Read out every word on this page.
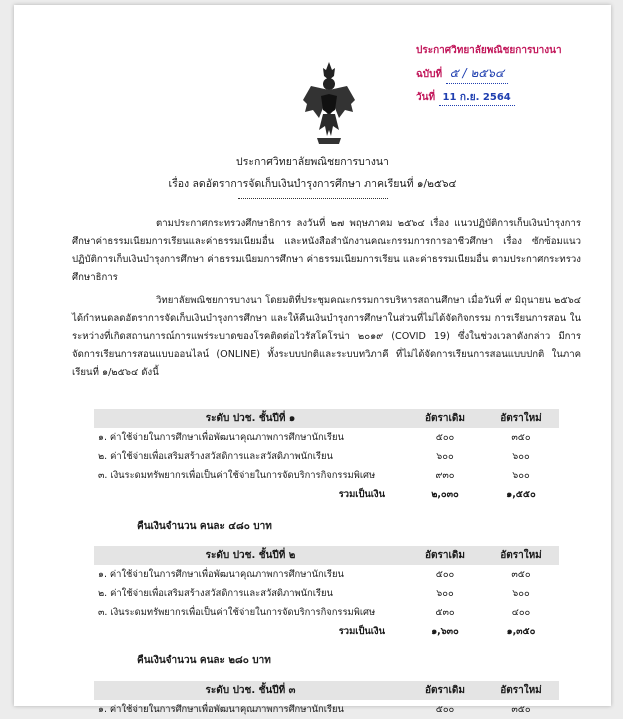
ประกาศวิทยาลัยพณิชยการบางนา
ฉบับที่ ๕ / ๒๕๖๔
วันที่ 11 ก.ย. 2564
ประกาศวิทยาลัยพณิชยการบางนา
เรื่อง ลดอัตราการจัดเก็บเงินบำรุงการศึกษา ภาคเรียนที่ ๑/๒๕๖๔
ตามประกาศกระทรวงศึกษาธิการ ลงวันที่ ๒๗ พฤษภาคม ๒๕๖๔ เรื่อง แนวปฏิบัติการเก็บเงินบำรุงการศึกษาค่าธรรมเนียมการเรียนและค่าธรรมเนียมอื่น และหนังสือสำนักงานคณะกรรมการการอาชีวศึกษา เรื่อง ซักซ้อมแนวปฏิบัติการเก็บเงินบำรุงการศึกษา ค่าธรรมเนียมการศึกษา ค่าธรรมเนียมการเรียน และค่าธรรมเนียมอื่น ตามประกาศกระทรวงศึกษาธิการ
วิทยาลัยพณิชยการบางนา โดยมติที่ประชุมคณะกรรมการบริหารสถานศึกษา เมื่อวันที่ ๙ มิถุนายน ๒๕๖๔ ได้กำหนดลดอัตราการจัดเก็บเงินบำรุงการศึกษา และให้คืนเงินบำรุงการศึกษาในส่วนที่ไม่ได้จัดกิจกรรม การเรียนการสอน ในระหว่างที่เกิดสถานการณ์การแพร่ระบาดของโรคติดต่อไวรัสโคโรน่า ๒๐๑๙ (COVID 19) ซึ่งในช่วงเวลาดังกล่าว มีการจัดการเรียนการสอนแบบออนไลน์ (ONLINE) ทั้งระบบปกติและระบบทวิภาคี ที่ไม่ได้จัดการเรียนการสอนแบบปกติ ในภาคเรียนที่ ๑/๒๕๖๔ ดังนี้
ระดับ ปวช. ชั้นปีที่ ๑	อัตราเดิม	อัตราใหม่
๑. ค่าใช้จ่ายในการศึกษาเพื่อพัฒนาคุณภาพการศึกษานักเรียน	๕๐๐	๓๕๐
๒. ค่าใช้จ่ายเพื่อเสริมสร้างสวัสดิการและสวัสดิภาพนักเรียน	๖๐๐	๖๐๐
๓. เงินระดมทรัพยากรเพื่อเป็นค่าใช้จ่ายในการจัดบริการกิจกรรมพิเศษ	๙๓๐	๖๐๐
รวมเป็นเงิน	๒,๐๓๐	๑,๕๕๐
คืนเงินจำนวน คนละ ๔๘๐ บาท
ระดับ ปวช. ชั้นปีที่ ๒	อัตราเดิม	อัตราใหม่
๑. ค่าใช้จ่ายในการศึกษาเพื่อพัฒนาคุณภาพการศึกษานักเรียน	๕๐๐	๓๕๐
๒. ค่าใช้จ่ายเพื่อเสริมสร้างสวัสดิการและสวัสดิภาพนักเรียน	๖๐๐	๖๐๐
๓. เงินระดมทรัพยากรเพื่อเป็นค่าใช้จ่ายในการจัดบริการกิจกรรมพิเศษ	๕๓๐	๔๐๐
รวมเป็นเงิน	๑,๖๓๐	๑,๓๕๐
คืนเงินจำนวน คนละ ๒๘๐ บาท
ระดับ ปวช. ชั้นปีที่ ๓	อัตราเดิม	อัตราใหม่
๑. ค่าใช้จ่ายในการศึกษาเพื่อพัฒนาคุณภาพการศึกษานักเรียน	๕๐๐	๓๕๐
